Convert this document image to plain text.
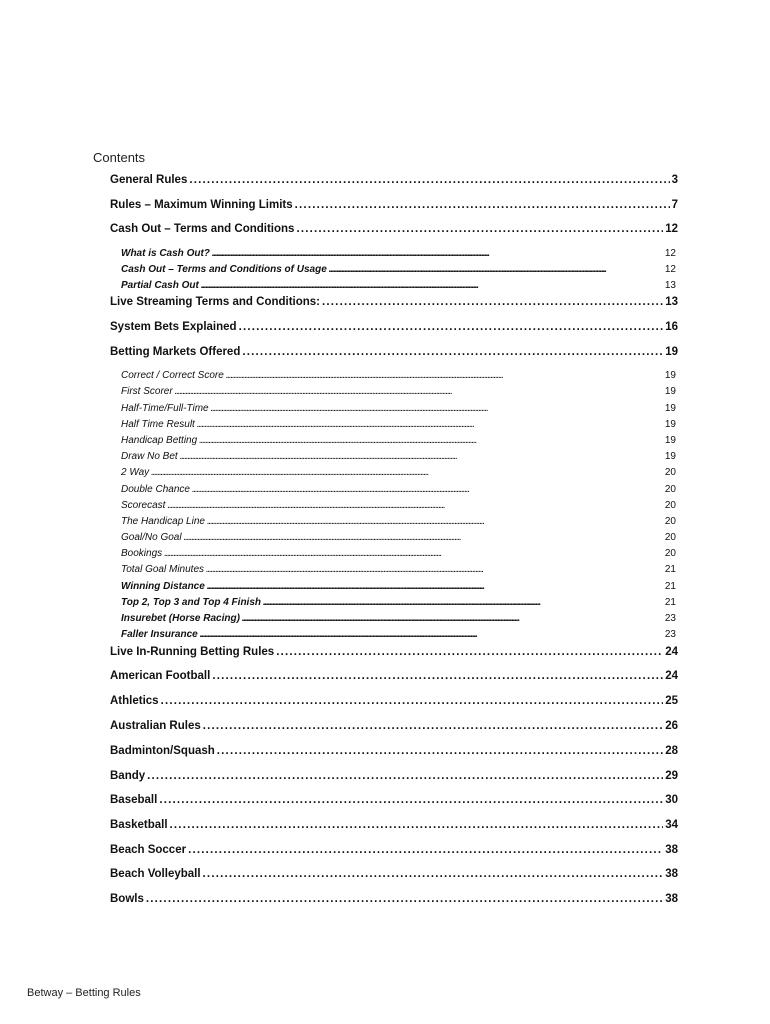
Contents
General Rules . . .	3
Rules – Maximum Winning Limits . . .	7
Cash Out – Terms and Conditions . . .	12
What is Cash Out? . . .	12
Cash Out – Terms and Conditions of Usage . . .	12
Partial Cash Out . . .	13
Live Streaming Terms and Conditions: . . .	13
System Bets Explained . . .	16
Betting Markets Offered . . .	19
Correct / Correct Score . . .	19
First Scorer . . .	19
Half-Time/Full-Time . . .	19
Half Time Result . . .	19
Handicap Betting . . .	19
Draw No Bet . . .	19
2 Way . . .	20
Double Chance . . .	20
Scorecast . . .	20
The Handicap Line . . .	20
Goal/No Goal . . .	20
Bookings . . .	20
Total Goal Minutes . . .	21
Winning Distance . . .	21
Top 2, Top 3 and Top 4 Finish . . .	21
Insurebet (Horse Racing) . . .	23
Faller Insurance . . .	23
Live In-Running Betting Rules . . .	24
American Football . . .	24
Athletics . . .	25
Australian Rules . . .	26
Badminton/Squash . . .	28
Bandy . . .	29
Baseball . . .	30
Basketball . . .	34
Beach Soccer . . .	38
Beach Volleyball . . .	38
Bowls . . .	38
Betway – Betting Rules
